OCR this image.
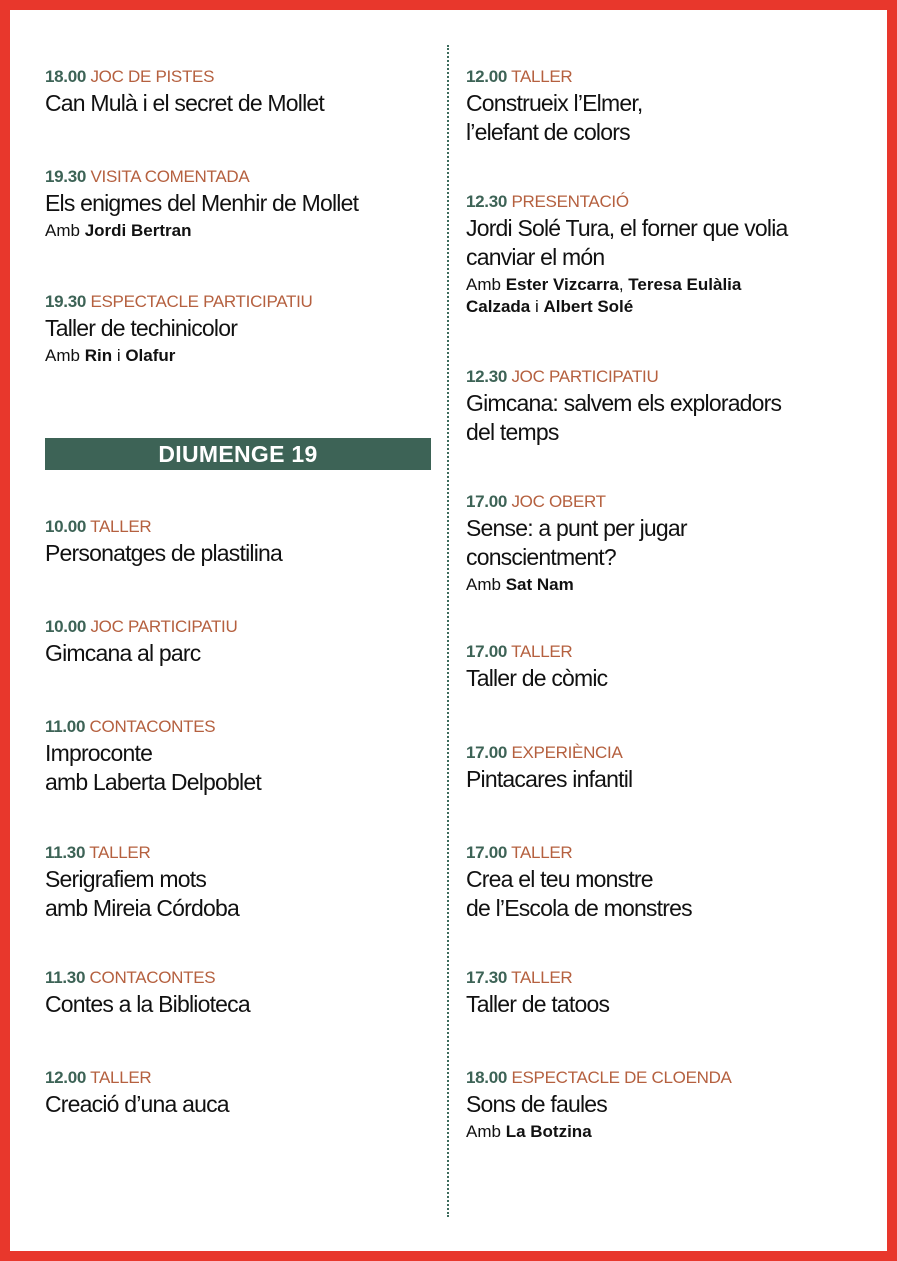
18.00 JOC DE PISTES
Can Mulà i el secret de Mollet
19.30 VISITA COMENTADA
Els enigmes del Menhir de Mollet
Amb Jordi Bertran
19.30 ESPECTACLE PARTICIPATIU
Taller de techinicolor
Amb Rin i Olafur
DIUMENGE 19
10.00 TALLER
Personatges de plastilina
10.00 JOC PARTICIPATIU
Gimcana al parc
11.00 CONTACONTES
Improconte
amb Laberta Delpoblet
11.30 TALLER
Serigrafiem mots
amb Mireia Córdoba
11.30 CONTACONTES
Contes a la Biblioteca
12.00 TALLER
Creació d’una auca
12.00 TALLER
Construeix l’Elmer,
l’elefant de colors
12.30 PRESENTACIÓ
Jordi Solé Tura, el forner que volia
canviar el món
Amb Ester Vizcarra, Teresa Eulàlia
Calzada i Albert Solé
12.30 JOC PARTICIPATIU
Gimcana: salvem els exploradors
del temps
17.00 JOC OBERT
Sense: a punt per jugar
conscientment?
Amb Sat Nam
17.00 TALLER
Taller de còmic
17.00 EXPERIÈNCIA
Pintacares infantil
17.00 TALLER
Crea el teu monstre
de l’Escola de monstres
17.30 TALLER
Taller de tatoos
18.00 ESPECTACLE DE CLOENDA
Sons de faules
Amb La Botzina
